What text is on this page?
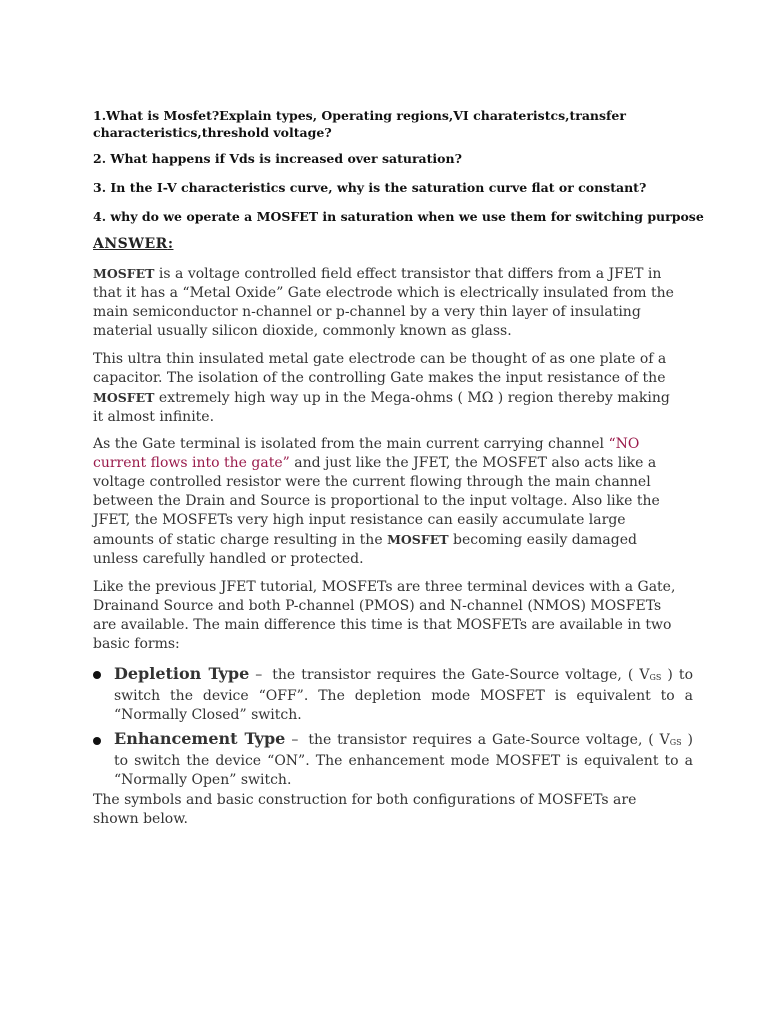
1.What is Mosfet?Explain types, Operating regions,VI charateristcs,transfer characteristics,threshold voltage?
2. What happens if Vds is increased over saturation?
3. In the I-V characteristics curve, why is the saturation curve flat or constant?
4. why do we operate a MOSFET in saturation when we use them for switching purpose
ANSWER:

MOSFET is a voltage controlled field effect transistor that differs from a JFET in that it has a “Metal Oxide” Gate electrode which is electrically insulated from the main semiconductor n-channel or p-channel by a very thin layer of insulating material usually silicon dioxide, commonly known as glass.

This ultra thin insulated metal gate electrode can be thought of as one plate of a capacitor. The isolation of the controlling Gate makes the input resistance of the MOSFET extremely high way up in the Mega-ohms ( MΩ ) region thereby making it almost infinite.

As the Gate terminal is isolated from the main current carrying channel “NO current flows into the gate” and just like the JFET, the MOSFET also acts like a voltage controlled resistor were the current flowing through the main channel between the Drain and Source is proportional to the input voltage. Also like the JFET, the MOSFETs very high input resistance can easily accumulate large amounts of static charge resulting in the MOSFET becoming easily damaged unless carefully handled or protected.

Like the previous JFET tutorial, MOSFETs are three terminal devices with a Gate, Drainand Source and both P-channel (PMOS) and N-channel (NMOS) MOSFETs are available. The main difference this time is that MOSFETs are available in two basic forms:

Depletion Type – the transistor requires the Gate-Source voltage, ( VGS ) to switch the device “OFF”. The depletion mode MOSFET is equivalent to a “Normally Closed” switch.
Enhancement Type – the transistor requires a Gate-Source voltage, ( VGS ) to switch the device “ON”. The enhancement mode MOSFET is equivalent to a “Normally Open” switch.

The symbols and basic construction for both configurations of MOSFETs are shown below.
